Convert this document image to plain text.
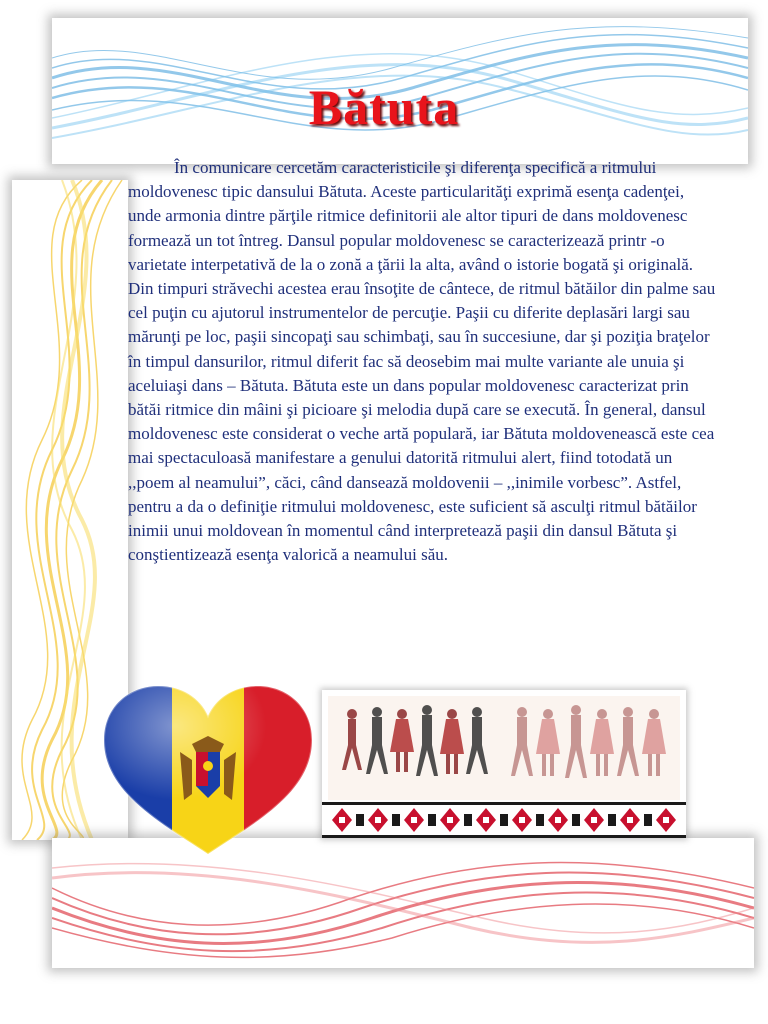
Bătuta

În comunicare cercetăm caracteristicile şi diferenţa specifică a ritmului moldovenesc tipic dansului Bătuta. Aceste particularităţi exprimă esenţa cadenţei, unde armonia dintre părţile ritmice definitorii ale altor tipuri de dans moldovenesc formează un tot întreg. Dansul popular moldovenesc se caracterizează printr -o varietate interpetativă de la o zonă a ţării la alta, având o istorie bogată şi originală. Din timpuri străvechi acestea erau însoţite de cântece, de ritmul bătăilor din palme sau cel puţin cu ajutorul instrumentelor de percuţie. Paşii cu diferite deplasări largi sau mărunţi pe loc, paşii sincopaţi sau schimbaţi, sau în succesiune, dar şi poziţia braţelor în timpul dansurilor, ritmul diferit fac să deosebim mai multe variante ale unuia şi aceluiaşi dans – Bătuta. Bătuta este un dans popular moldovenesc caracterizat prin bătăi ritmice din mâini şi picioare şi melodia după care se execută. În general, dansul moldovenesc este considerat o veche artă populară, iar Bătuta moldovenească este cea mai spectaculoasă manifestare a genului datorită ritmului alert, fiind totodată un ,,poem al neamului”, căci, când dansează moldovenii – ,,inimile vorbesc”. Astfel, pentru a da o definiţie ritmului moldovenesc, este suficient să asculţi ritmul bătăilor inimii unui moldovean în momentul când interpretează paşii din dansul Bătuta şi conştientizează esenţa valorică a neamului său.
